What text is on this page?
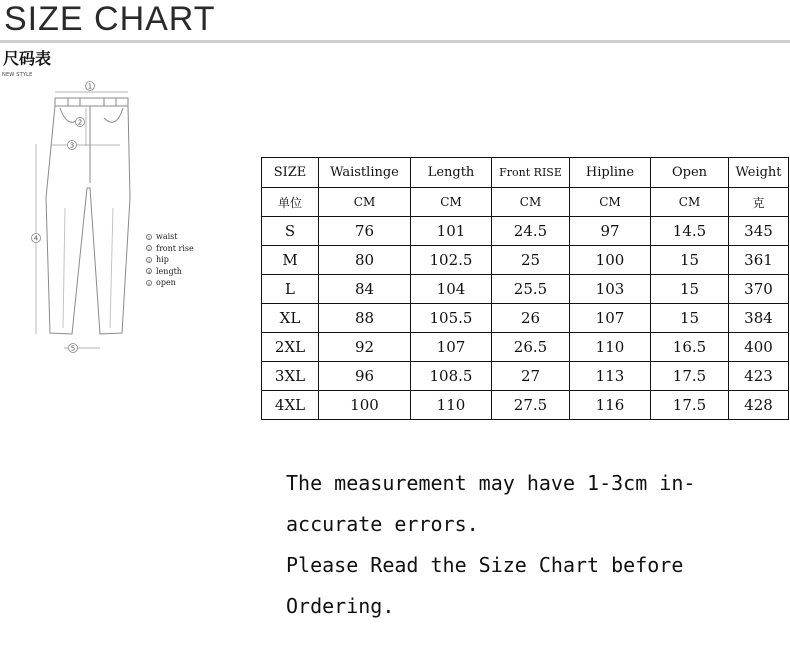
SIZE CHART
尺码表
NEW STYLE
1
2
3
4
5
1 waist
2 front rise
3 hip
4 length
5 open
SIZE	Waistlinge	Length	Front RISE	Hipline	Open	Weight
单位	CM	CM	CM	CM	CM	克
S	76	101	24.5	97	14.5	345
M	80	102.5	25	100	15	361
L	84	104	25.5	103	15	370
XL	88	105.5	26	107	15	384
2XL	92	107	26.5	110	16.5	400
3XL	96	108.5	27	113	17.5	423
4XL	100	110	27.5	116	17.5	428
The measurement may have 1-3cm in-
accurate errors.
Please Read the Size Chart before
Ordering.
